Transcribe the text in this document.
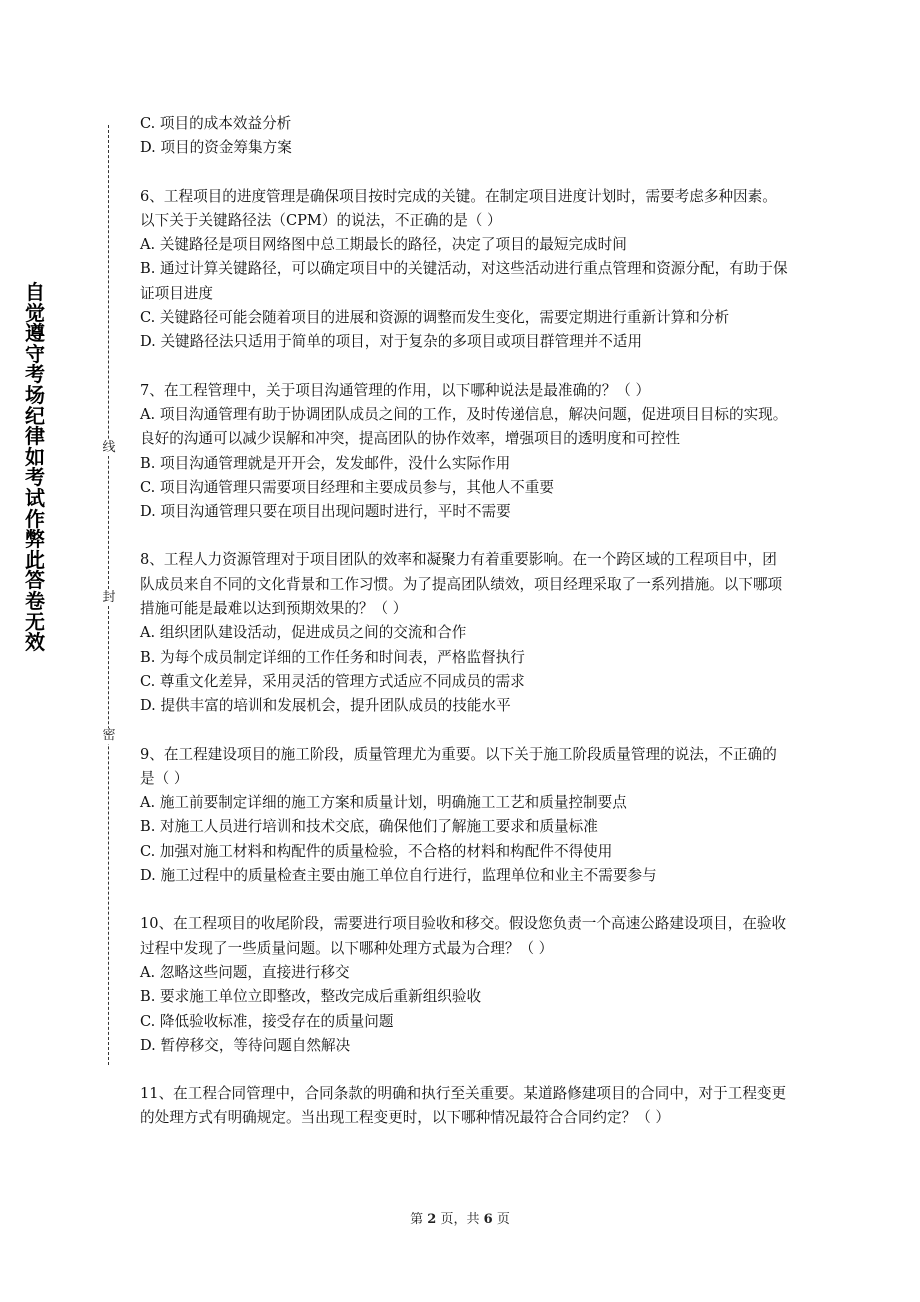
自觉遵守考场纪律如考试作弊此答卷无效
线
封
密

C. 项目的成本效益分析

D. 项目的资金筹集方案

6、工程项目的进度管理是确保项目按时完成的关键。在制定项目进度计划时，需要考虑多种因素。以下关于关键路径法（CPM）的说法，不正确的是（ ）

A. 关键路径是项目网络图中总工期最长的路径，决定了项目的最短完成时间

B. 通过计算关键路径，可以确定项目中的关键活动，对这些活动进行重点管理和资源分配，有助于保证项目进度

C. 关键路径可能会随着项目的进展和资源的调整而发生变化，需要定期进行重新计算和分析

D. 关键路径法只适用于简单的项目，对于复杂的多项目或项目群管理并不适用

7、在工程管理中，关于项目沟通管理的作用，以下哪种说法是最准确的？（ ）

A. 项目沟通管理有助于协调团队成员之间的工作，及时传递信息，解决问题，促进项目目标的实现。良好的沟通可以减少误解和冲突，提高团队的协作效率，增强项目的透明度和可控性

B. 项目沟通管理就是开开会，发发邮件，没什么实际作用

C. 项目沟通管理只需要项目经理和主要成员参与，其他人不重要

D. 项目沟通管理只要在项目出现问题时进行，平时不需要

8、工程人力资源管理对于项目团队的效率和凝聚力有着重要影响。在一个跨区域的工程项目中，团队成员来自不同的文化背景和工作习惯。为了提高团队绩效，项目经理采取了一系列措施。以下哪项措施可能是最难以达到预期效果的？（ ）

A. 组织团队建设活动，促进成员之间的交流和合作

B. 为每个成员制定详细的工作任务和时间表，严格监督执行

C. 尊重文化差异，采用灵活的管理方式适应不同成员的需求

D. 提供丰富的培训和发展机会，提升团队成员的技能水平

9、在工程建设项目的施工阶段，质量管理尤为重要。以下关于施工阶段质量管理的说法，不正确的是（ ）

A. 施工前要制定详细的施工方案和质量计划，明确施工工艺和质量控制要点

B. 对施工人员进行培训和技术交底，确保他们了解施工要求和质量标准

C. 加强对施工材料和构配件的质量检验，不合格的材料和构配件不得使用

D. 施工过程中的质量检查主要由施工单位自行进行，监理单位和业主不需要参与

10、在工程项目的收尾阶段，需要进行项目验收和移交。假设您负责一个高速公路建设项目，在验收过程中发现了一些质量问题。以下哪种处理方式最为合理？（ ）

A. 忽略这些问题，直接进行移交

B. 要求施工单位立即整改，整改完成后重新组织验收

C. 降低验收标准，接受存在的质量问题

D. 暂停移交，等待问题自然解决

11、在工程合同管理中，合同条款的明确和执行至关重要。某道路修建项目的合同中，对于工程变更的处理方式有明确规定。当出现工程变更时，以下哪种情况最符合合同约定？（ ）

第 2 页，共 6 页
